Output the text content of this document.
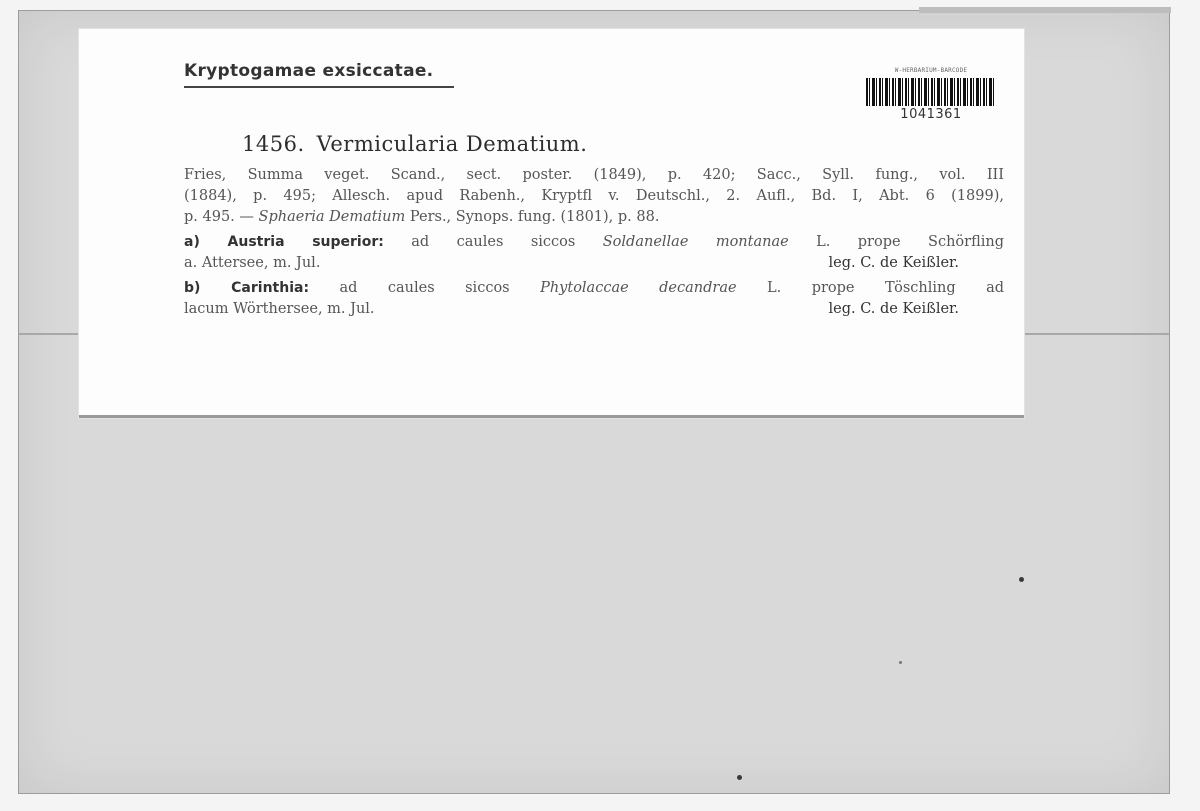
Kryptogamae exsiccatae.	W-HERBARIUM-BARCODE
1041361
1456. Vermicularia Dematium.
Fries, Summa veget. Scand., sect. poster. (1849), p. 420; Sacc., Syll. fung., vol. III
(1884), p. 495; Allesch. apud Rabenh., Kryptfl v. Deutschl., 2. Aufl., Bd. I, Abt. 6 (1899),
p. 495. — Sphaeria Dematium Pers., Synops. fung. (1801), p. 88.
a) Austria superior: ad caules siccos Soldanellae montanae L. prope Schörfling
a. Attersee, m. Jul.	leg. C. de Keißler.
b) Carinthia: ad caules siccos Phytolaccae decandrae L. prope Töschling ad
lacum Wörthersee, m. Jul.	leg. C. de Keißler.
